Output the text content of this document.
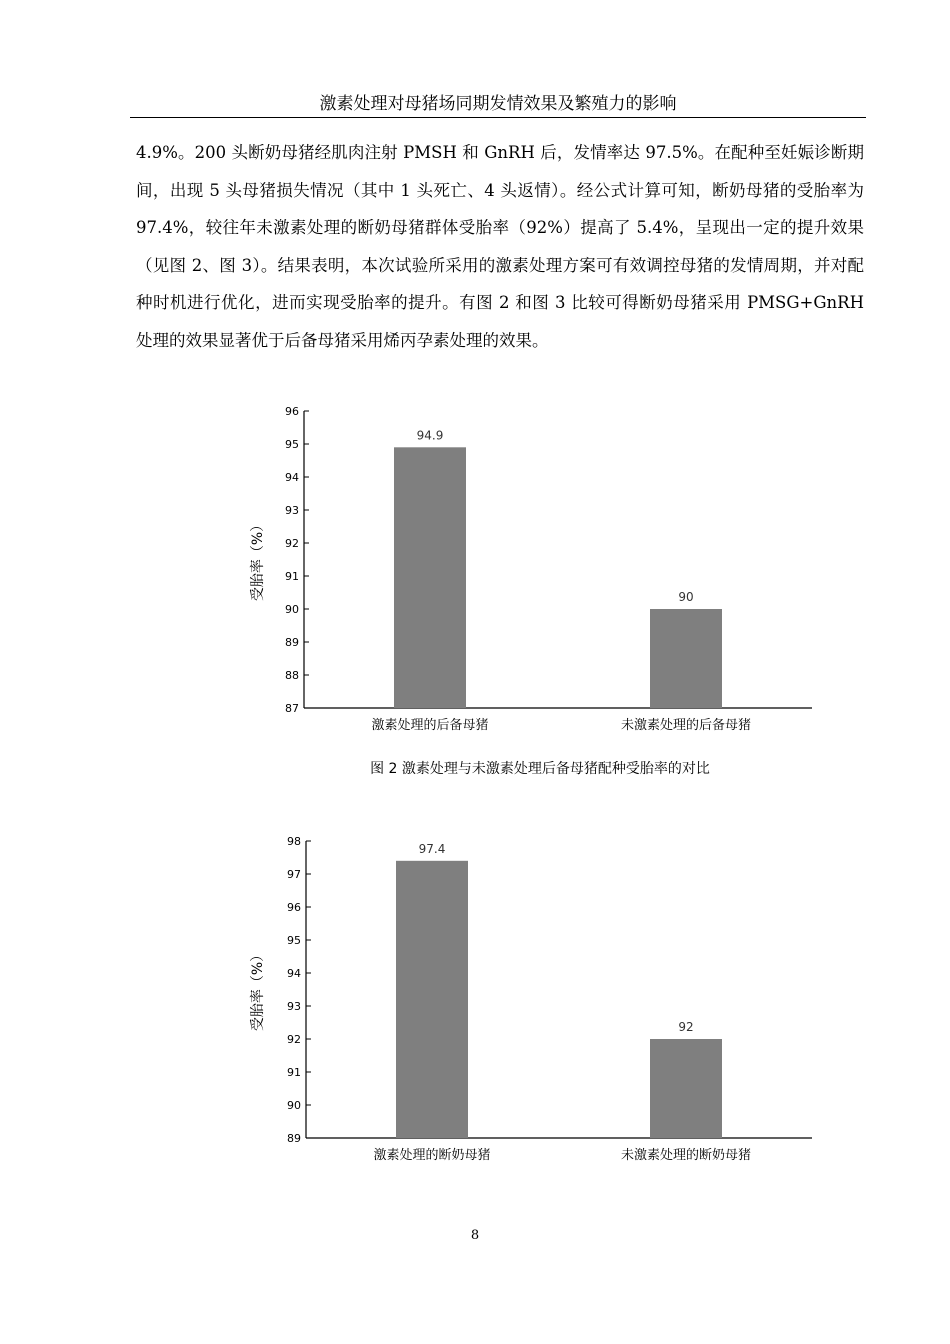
激素处理对母猪场同期发情效果及繁殖力的影响

4.9%。200 头断奶母猪经肌肉注射 PMSH 和 GnRH 后，发情率达 97.5%。在配种至妊娠诊断期间，出现 5 头母猪损失情况（其中 1 头死亡、4 头返情）。经公式计算可知，断奶母猪的受胎率为 97.4%，较往年未激素处理的断奶母猪群体受胎率（92%）提高了 5.4%，呈现出一定的提升效果（见图 2、图 3）。结果表明，本次试验所采用的激素处理方案可有效调控母猪的发情周期，并对配种时机进行优化，进而实现受胎率的提升。有图 2 和图 3 比较可得断奶母猪采用 PMSG+GnRH 处理的效果显著优于后备母猪采用烯丙孕素处理的效果。

87
88
89
90
91
92
93
94
95
96
受胎率（%）
94.9
激素处理的后备母猪
90
未激素处理的后备母猪
图 2 激素处理与未激素处理后备母猪配种受胎率的对比
89
90
91
92
93
94
95
96
97
98
受胎率（%）
97.4
激素处理的断奶母猪
92
未激素处理的断奶母猪
8
